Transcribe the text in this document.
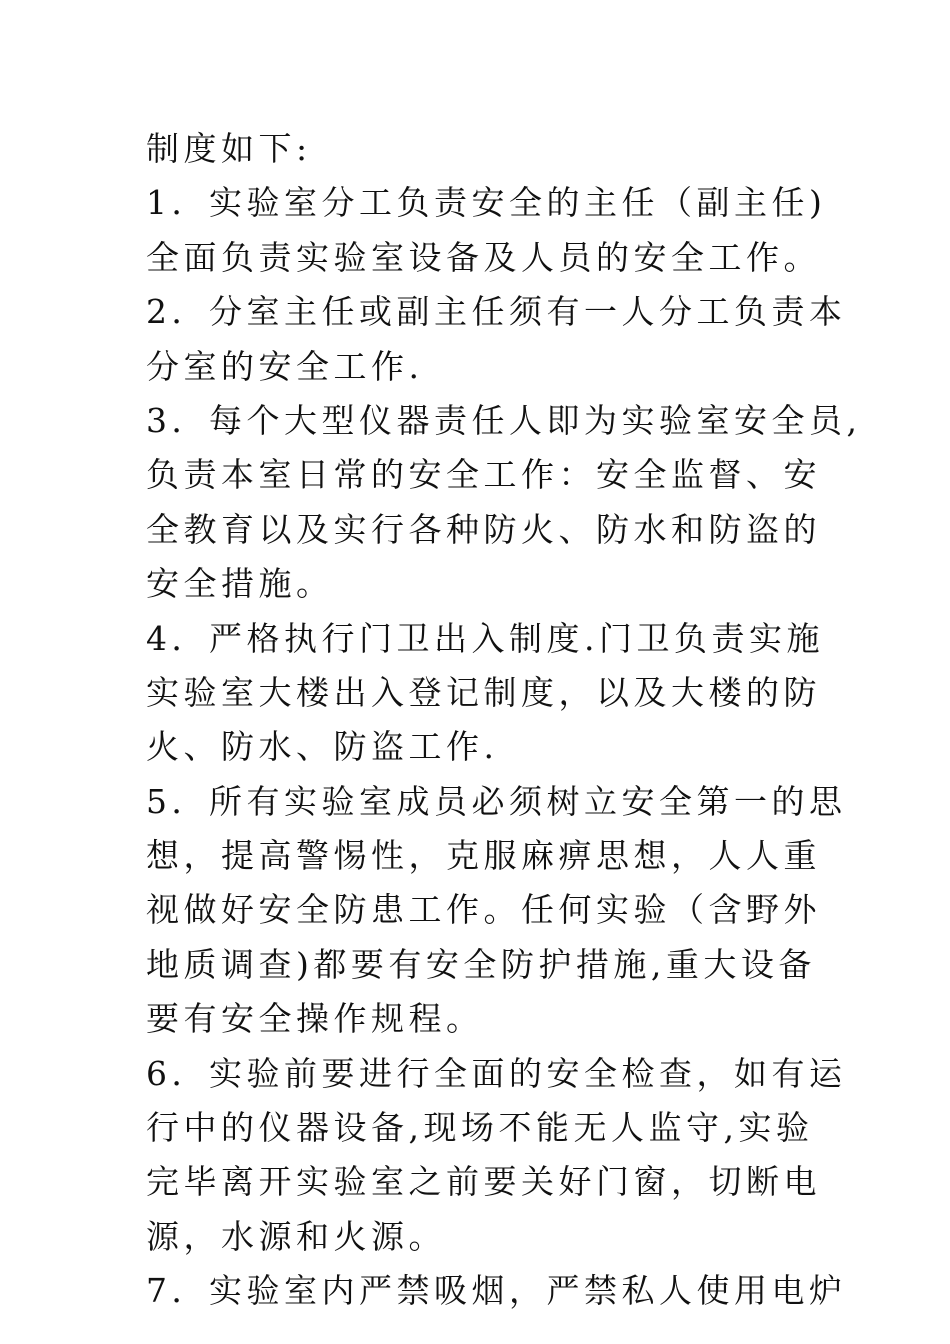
制度如下:
1．实验室分工负责安全的主任（副主任)
全面负责实验室设备及人员的安全工作。
2．分室主任或副主任须有一人分工负责本
分室的安全工作.
3．每个大型仪器责任人即为实验室安全员,
负责本室日常的安全工作：安全监督、安
全教育以及实行各种防火、防水和防盗的
安全措施。
4．严格执行门卫出入制度.门卫负责实施
实验室大楼出入登记制度，以及大楼的防
火、防水、防盗工作.
5．所有实验室成员必须树立安全第一的思
想，提高警惕性，克服麻痹思想，人人重
视做好安全防患工作。任何实验（含野外
地质调查)都要有安全防护措施,重大设备
要有安全操作规程。
6．实验前要进行全面的安全检查，如有运
行中的仪器设备,现场不能无人监守,实验
完毕离开实验室之前要关好门窗，切断电
源，水源和火源。
7．实验室内严禁吸烟，严禁私人使用电炉
